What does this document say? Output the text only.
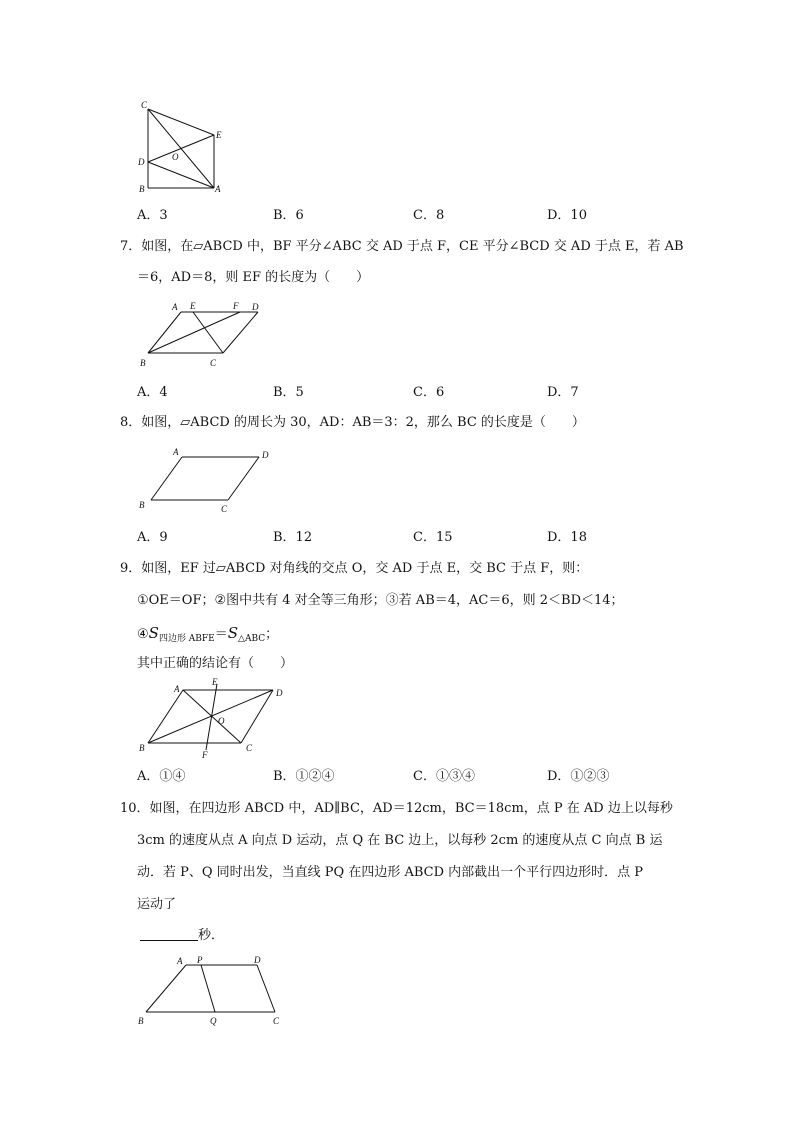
C
E
O
D
B	A
A．3	B．6	C．8	D．10
7．如图，在▱ABCD 中，BF 平分∠ABC 交 AD 于点 F，CE 平分∠BCD 交 AD 于点 E，若 AB
＝6，AD＝8，则 EF 的长度为（　　）
A E	F D
B	C
A．4	B．5	C．6	D．7
8．如图，▱ABCD 的周长为 30，AD：AB＝3：2，那么 BC 的长度是（　　）
A	D
B	C
A．9	B．12	C．15	D．18
9．如图，EF 过▱ABCD 对角线的交点 O，交 AD 于点 E，交 BC 于点 F，则：
①OE＝OF；②图中共有 4 对全等三角形；③若 AB＝4，AC＝6，则 2＜BD＜14；
$④S_{四边形 ABFE}=S_{\triangle ABC}$；
其中正确的结论有（　　）
A
E
D
O
B
F
C
A．①④	B．①②④	C．①③④	D．①②③
10．如图，在四边形 ABCD 中，AD∥BC，AD＝12cm，BC＝18cm，点 P 在 AD 边上以每秒
3cm 的速度从点 A 向点 D 运动，点 Q 在 BC 边上，以每秒 2cm 的速度从点 C 向点 B 运
动．若 P、Q 同时出发，当直线 PQ 在四边形 ABCD 内部截出一个平行四边形时．点 P
运动了
秒．
A P	D
B	Q	C
